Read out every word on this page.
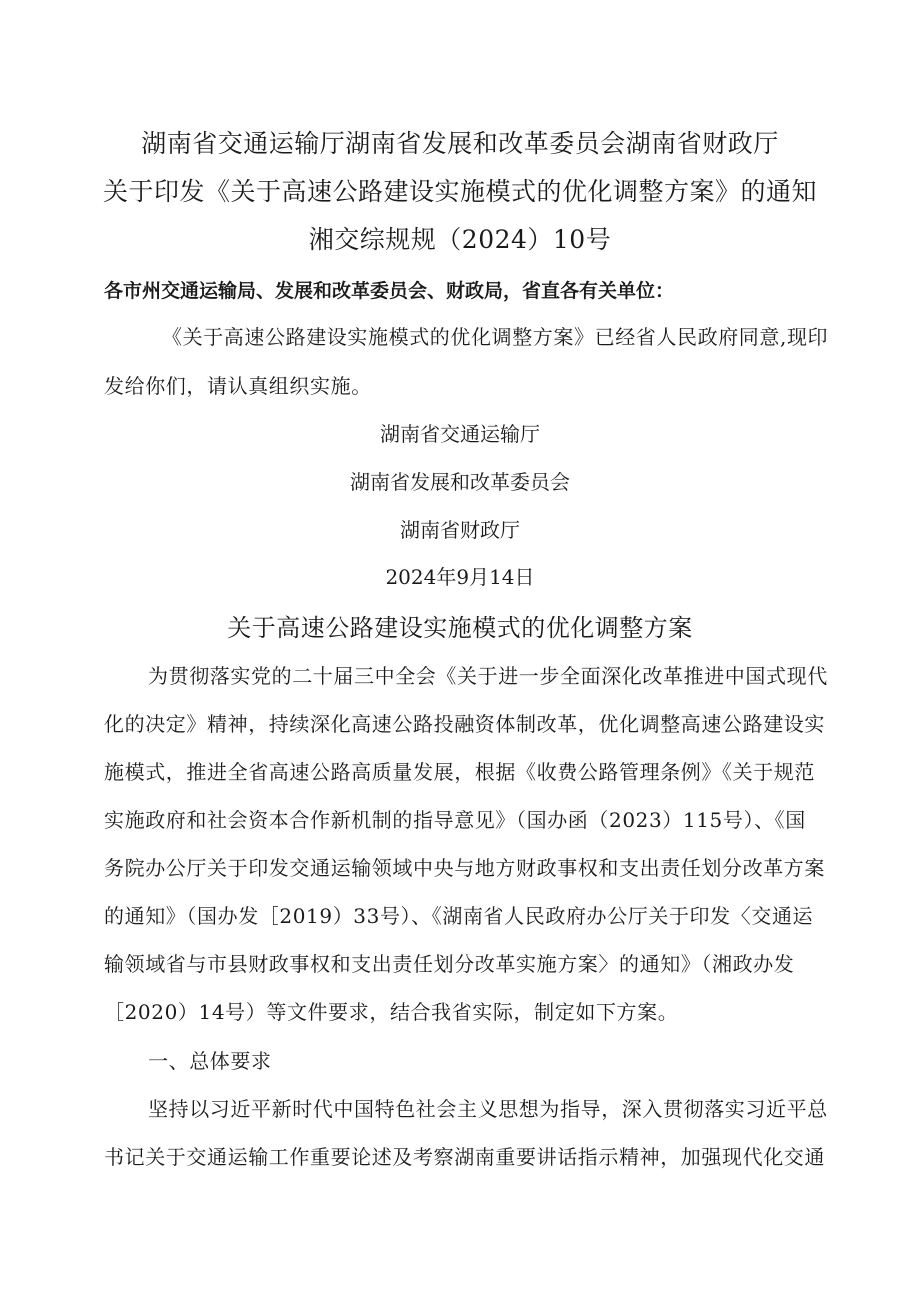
湖南省交通运输厅湖南省发展和改革委员会湖南省财政厅

关于印发《关于高速公路建设实施模式的优化调整方案》的通知

湘交综规规（2024）10号

各市州交通运输局、发展和改革委员会、财政局，省直各有关单位：

《关于高速公路建设实施模式的优化调整方案》已经省人民政府同意,现印

发给你们，请认真组织实施。

湖南省交通运输厅

湖南省发展和改革委员会

湖南省财政厅

2024年9月14日

关于高速公路建设实施模式的优化调整方案

为贯彻落实党的二十届三中全会《关于进一步全面深化改革推进中国式现代

化的决定》精神，持续深化高速公路投融资体制改革，优化调整高速公路建设实

施模式，推进全省高速公路高质量发展，根据《收费公路管理条例》《关于规范

实施政府和社会资本合作新机制的指导意见》（国办函（2023）115号）、《国

务院办公厅关于印发交通运输领域中央与地方财政事权和支出责任划分改革方案

的通知》（国办发［2019）33号）、《湖南省人民政府办公厅关于印发〈交通运

输领域省与市县财政事权和支出责任划分改革实施方案〉的通知》（湘政办发

［2020）14号）等文件要求，结合我省实际，制定如下方案。

一、总体要求

坚持以习近平新时代中国特色社会主义思想为指导，深入贯彻落实习近平总

书记关于交通运输工作重要论述及考察湖南重要讲话指示精神，加强现代化交通
